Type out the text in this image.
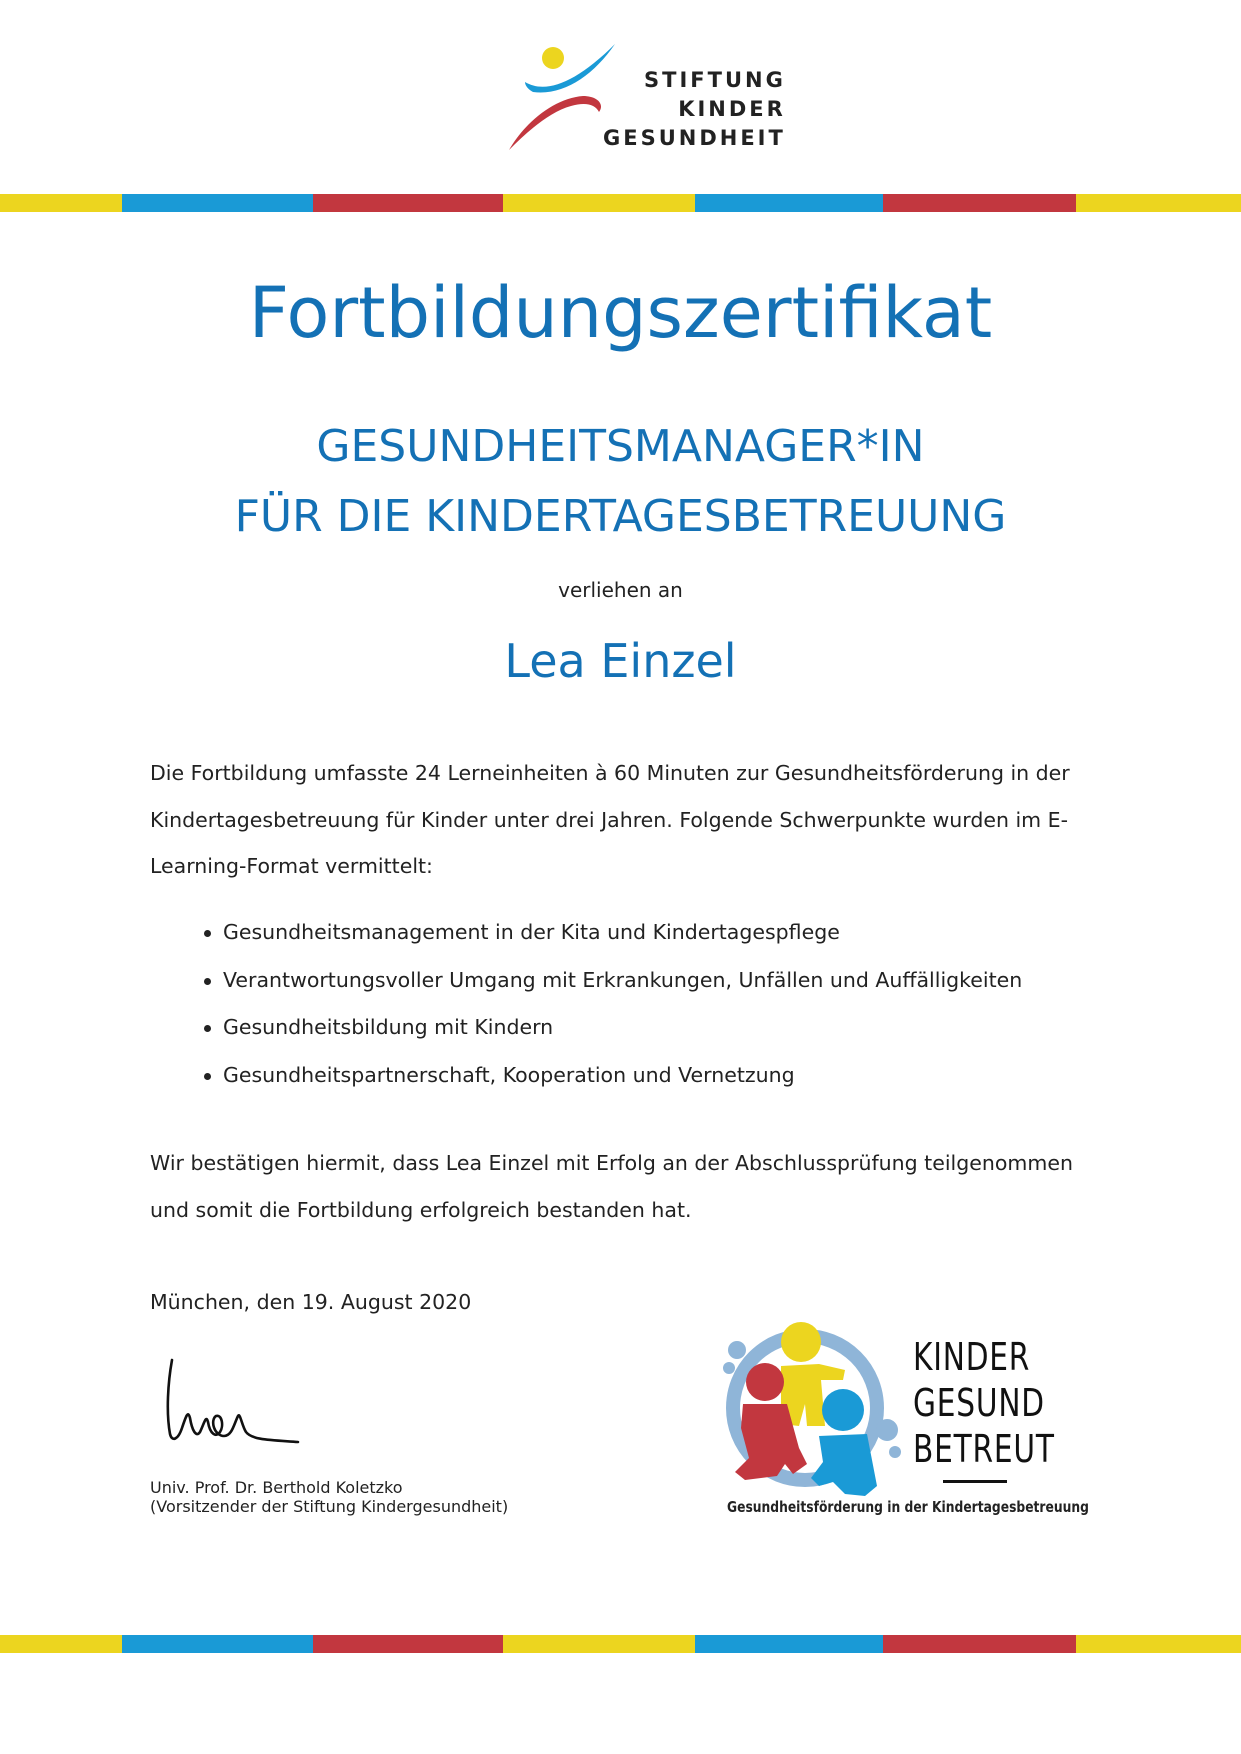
STIFTUNG
KINDER
GESUNDHEIT

Fortbildungszertifikat
GESUNDHEITSMANAGER*IN
FÜR DIE KINDERTAGESBETREUUNG
verliehen an
Lea Einzel

Die Fortbildung umfasste 24 Lerneinheiten à 60 Minuten zur Gesundheitsförderung in der Kindertagesbetreuung für Kinder unter drei Jahren. Folgende Schwerpunkte wurden im E-Learning-Format vermittelt:

Gesundheitsmanagement in der Kita und Kindertagespflege
Verantwortungsvoller Umgang mit Erkrankungen, Unfällen und Auffälligkeiten
Gesundheitsbildung mit Kindern
Gesundheitspartnerschaft, Kooperation und Vernetzung

Wir bestätigen hiermit, dass Lea Einzel mit Erfolg an der Abschlussprüfung teilgenommen und somit die Fortbildung erfolgreich bestanden hat.

München, den 19. August 2020
Univ. Prof. Dr. Berthold Koletzko
(Vorsitzender der Stiftung Kindergesundheit)

KINDER
GESUND
BETREUT

Gesundheitsförderung in der Kindertagesbetreuung
